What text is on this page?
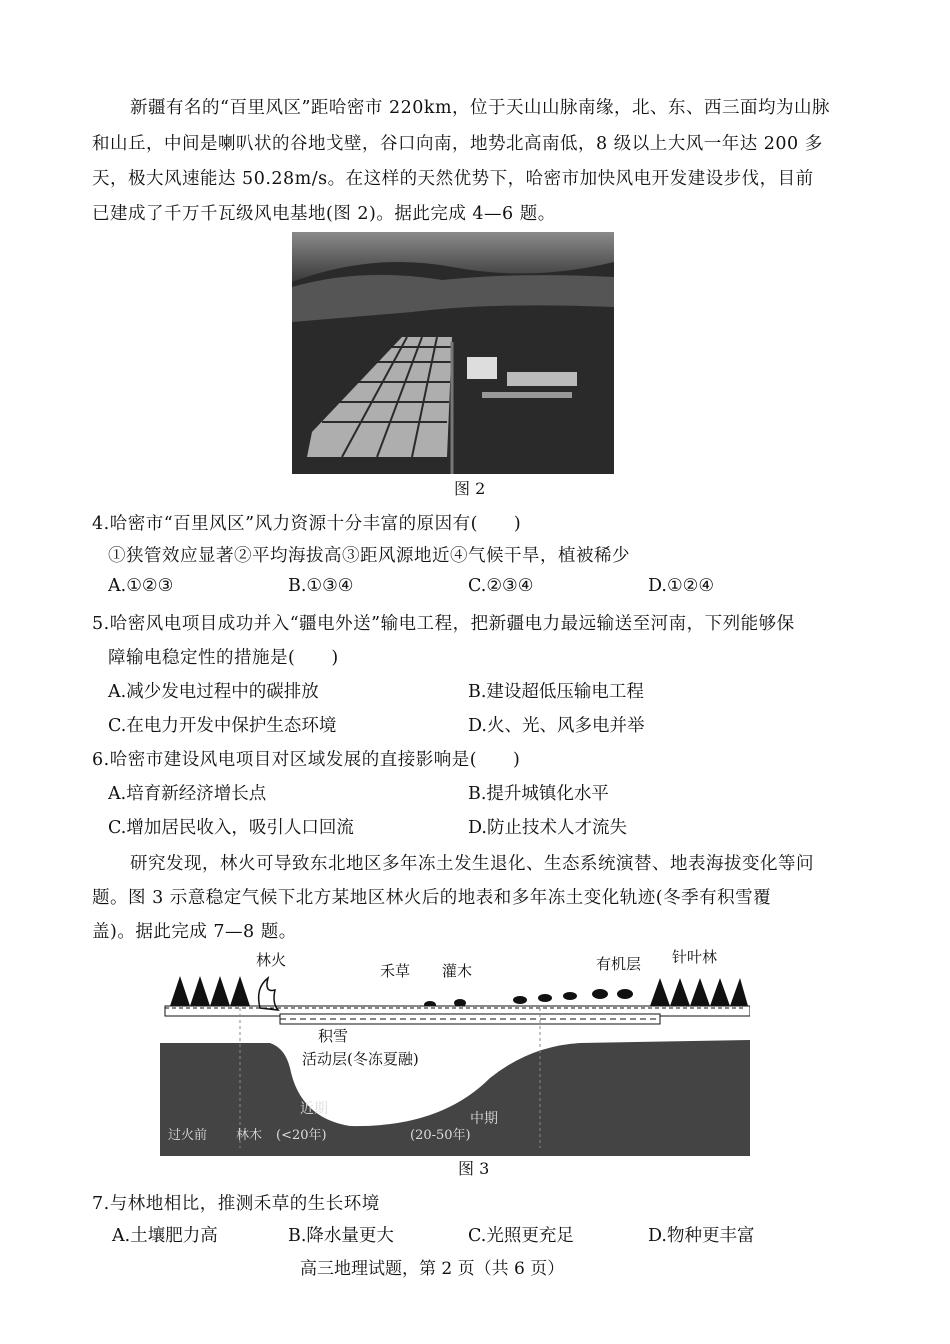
新疆有名的“百里风区”距哈密市 220km，位于天山山脉南缘，北、东、西三面均为山脉
和山丘，中间是喇叭状的谷地戈壁，谷口向南，地势北高南低，8 级以上大风一年达 200 多
天，极大风速能达 50.28m/s。在这样的天然优势下，哈密市加快风电开发建设步伐，目前
已建成了千万千瓦级风电基地(图 2)。据此完成 4—6 题。
图 2
4.哈密市“百里风区”风力资源十分丰富的原因有(　　)
①狭管效应显著②平均海拔高③距风源地近④气候干旱，植被稀少
A.①②③	B.①③④	C.②③④	D.①②④
5.哈密风电项目成功并入“疆电外送”输电工程，把新疆电力最远输送至河南，下列能够保
障输电稳定性的措施是(　　)
A.减少发电过程中的碳排放	B.建设超低压输电工程
C.在电力开发中保护生态环境	D.火、光、风多电并举
6.哈密市建设风电项目对区域发展的直接影响是(　　)
A.培育新经济增长点	B.提升城镇化水平
C.增加居民收入，吸引人口回流	D.防止技术人才流失
研究发现，林火可导致东北地区多年冻土发生退化、生态系统演替、地表海拔变化等问
题。图 3 示意稳定气候下北方某地区林火后的地表和多年冻土变化轨迹(冬季有积雪覆
盖)。据此完成 7—8 题。
林火
禾草 灌木	有机层 针叶林
积雪
活动层(冬冻夏融)
近期
中期
过火前 林木 (<20年)	(20-50年)
图 3
7.与林地相比，推测禾草的生长环境
A.土壤肥力高	B.降水量更大	C.光照更充足	D.物种更丰富
高三地理试题，第 2 页（共 6 页）
